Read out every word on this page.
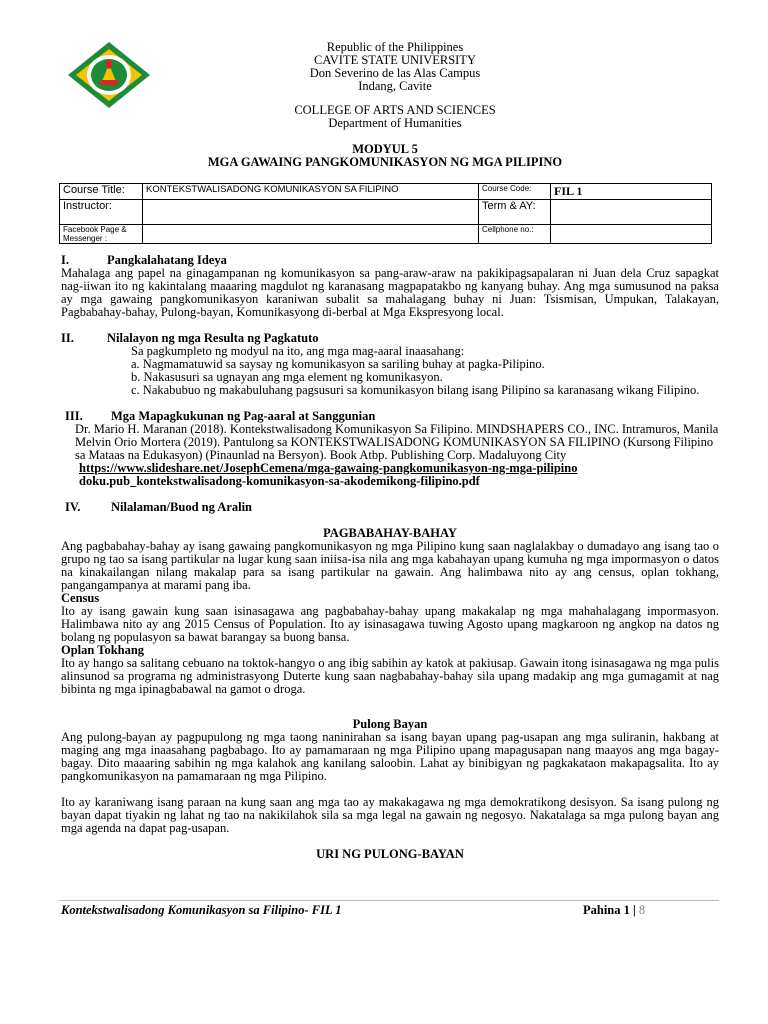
Republic of the Philippines
CAVITE STATE UNIVERSITY
Don Severino de las Alas Campus
Indang, Cavite
COLLEGE OF ARTS AND SCIENCES
Department of Humanities
MODYUL 5
MGA GAWAING PANGKOMUNIKASYON NG MGA PILIPINO
Course Title:	KONTEKSTWALISADONG KOMUNIKASYON SA FILIPINO	Course Code:	FIL 1
Instructor:		Term & AY:	
Facebook Page & Messenger :		Cellphone no.:	
I.	Pangkalahatang Ideya
Mahalaga ang papel na ginagampanan ng komunikasyon sa pang-araw-araw na pakikipagsapalaran ni Juan dela Cruz sapagkat nag-iiwan ito ng kakintalang maaaring magdulot ng karanasang magpapatakbo ng kanyang buhay. Ang mga sumusunod na paksa ay mga gawaing pangkomunikasyon karaniwan subalit sa mahalagang buhay ni Juan: Tsismisan, Umpukan, Talakayan, Pagbabahay-bahay, Pulong-bayan, Komunikasyong di-berbal at Mga Ekspresyong local.
II.	Nilalayon ng mga Resulta ng Pagkatuto
Sa pagkumpleto ng modyul na ito, ang mga mag-aaral inaasahang:
a. Nagmamatuwid sa saysay ng komunikasyon sa sariling buhay at pagka-Pilipino.
b. Nakasusuri sa ugnayan ang mga element ng komunikasyon.
c. Nakabubuo ng makabuluhang pagsusuri sa komunikasyon bilang isang Pilipino sa karanasang wikang Filipino.
III.	Mga Mapagkukunan ng Pag-aaral at Sanggunian
Dr. Mario H. Maranan (2018). Kontekstwalisadong Komunikasyon Sa Filipino. MINDSHAPERS CO., INC. Intramuros, Manila
Melvin Orio Mortera (2019). Pantulong sa KONTEKSTWALISADONG KOMUNIKASYON SA FILIPINO (Kursong Filipino sa Mataas na Edukasyon) (Pinaunlad na Bersyon). Book Atbp. Publishing Corp. Madaluyong City
https://www.slideshare.net/JosephCemena/mga-gawaing-pangkomunikasyon-ng-mga-pilipino
doku.pub_kontekstwalisadong-komunikasyon-sa-akodemikong-filipino.pdf
IV.	Nilalaman/Buod ng Aralin
PAGBABAHAY-BAHAY
Ang pagbabahay-bahay ay isang gawaing pangkomunikasyon ng mga Pilipino kung saan naglalakbay o dumadayo ang isang tao o grupo ng tao sa isang partikular na lugar kung saan iniisa-isa nila ang mga kabahayan upang kumuha ng mga impormasyon o datos na kinakailangan nilang makalap para sa isang partikular na gawain. Ang halimbawa nito ay ang census, oplan tokhang, pangangampanya at marami pang iba.
Census
Ito ay isang gawain kung saan isinasagawa ang pagbabahay-bahay upang makakalap ng mga mahahalagang impormasyon. Halimbawa nito ay ang 2015 Census of Population. Ito ay isinasagawa tuwing Agosto upang magkaroon ng angkop na datos ng bolang ng populasyon sa bawat barangay sa buong bansa.
Oplan Tokhang
Ito ay hango sa salitang cebuano na toktok-hangyo o ang ibig sabihin ay katok at pakiusap. Gawain itong isinasagawa ng mga pulis alinsunod sa programa ng administrasyong Duterte kung saan nagbabahay-bahay sila upang madakip ang mga gumagamit at nag bibinta ng mga ipinagbabawal na gamot o droga.
Pulong Bayan
Ang pulong-bayan ay pagpupulong ng mga taong naninirahan sa isang bayan upang pag-usapan ang mga suliranin, hakbang at maging ang mga inaasahang pagbabago. Ito ay pamamaraan ng mga Pilipino upang mapagusapan nang maayos ang mga bagay-bagay. Dito maaaring sabihin ng mga kalahok ang kanilang saloobin. Lahat ay binibigyan ng pagkakataon makapagsalita. Ito ay pangkomunikasyon na pamamaraan ng mga Pilipino.
Ito ay karaniwang isang paraan na kung saan ang mga tao ay makakagawa ng mga demokratikong desisyon. Sa isang pulong ng bayan dapat tiyakin ng lahat ng tao na nakikilahok sila sa mga legal na gawain ng negosyo. Nakatalaga sa mga pulong bayan ang mga agenda na dapat pag-usapan.
URI NG PULONG-BAYAN
Kontekstwalisadong Komunikasyon sa Filipino- FIL 1	Pahina 1 | 8
